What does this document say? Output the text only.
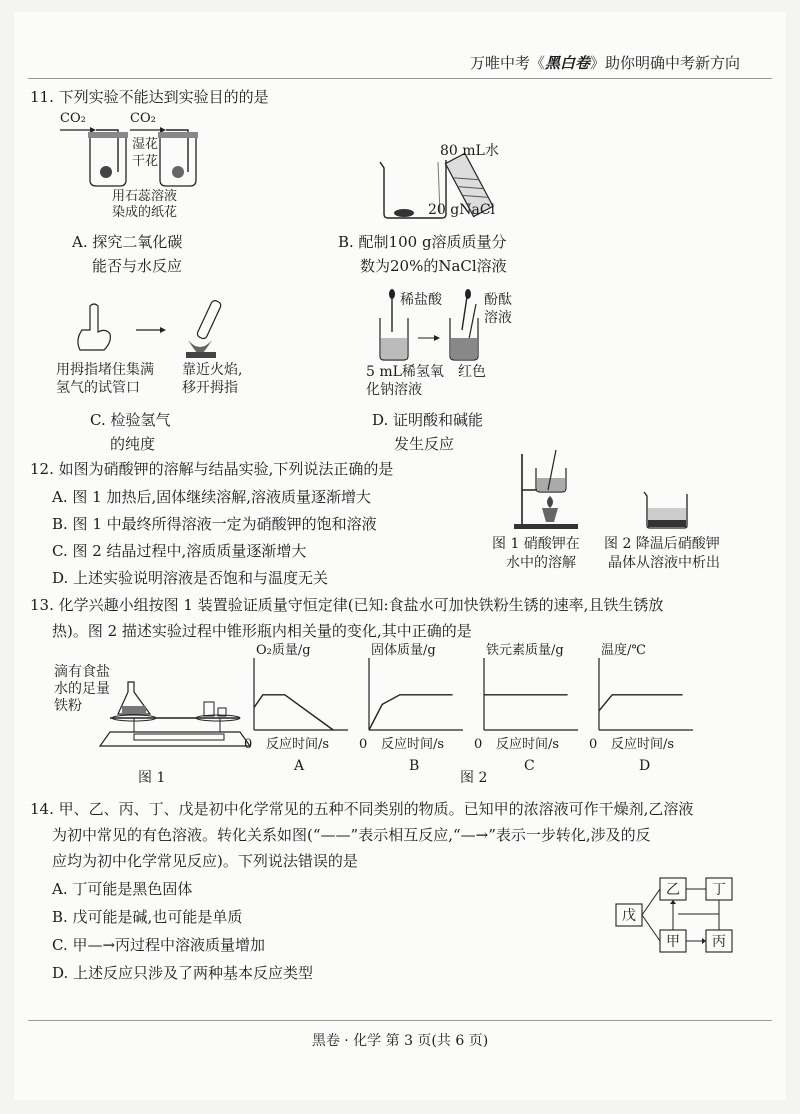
万唯中考《黑白卷》助你明确中考新方向
11. 下列实验不能达到实验目的的是
CO₂	CO₂
湿花
干花
用石蕊溶液
染成的纸花
A. 探究二氧化碳
能否与水反应
80 mL水
20 gNaCl
B. 配制100 g溶质质量分
数为20%的NaCl溶液
用拇指堵住集满
氢气的试管口
靠近火焰,
移开拇指
C. 检验氢气
的纯度
稀盐酸	酚酞
溶液
5 mL稀氢氧
化钠溶液
红色
D. 证明酸和碱能
发生反应
12. 如图为硝酸钾的溶解与结晶实验,下列说法正确的是
A. 图 1 加热后,固体继续溶解,溶液质量逐渐增大
B. 图 1 中最终所得溶液一定为硝酸钾的饱和溶液
C. 图 2 结晶过程中,溶质质量逐渐增大
D. 上述实验说明溶液是否饱和与温度无关
图 1 硝酸钾在
水中的溶解
图 2 降温后硝酸钾
晶体从溶液中析出
13. 化学兴趣小组按图 1 装置验证质量守恒定律(已知:食盐水可加快铁粉生锈的速率,且铁生锈放
热)。图 2 描述实验过程中锥形瓶内相关量的变化,其中正确的是
滴有食盐
水的足量
铁粉
图 1	图 2
O₂质量/g
0 反应时间/s
A
固体质量/g
0 反应时间/s
B
铁元素质量/g
0 反应时间/s
C
温度/℃
0 反应时间/s
D
14. 甲、乙、丙、丁、戊是初中化学常见的五种不同类别的物质。已知甲的浓溶液可作干燥剂,乙溶液
为初中常见的有色溶液。转化关系如图(“——”表示相互反应,“—→”表示一步转化,涉及的反
应均为初中化学常见反应)。下列说法错误的是
A. 丁可能是黑色固体
B. 戊可能是碱,也可能是单质
C. 甲—→丙过程中溶液质量增加
D. 上述反应只涉及了两种基本反应类型
戊
乙 丁
甲 丙
黑卷 · 化学 第 3 页(共 6 页)
